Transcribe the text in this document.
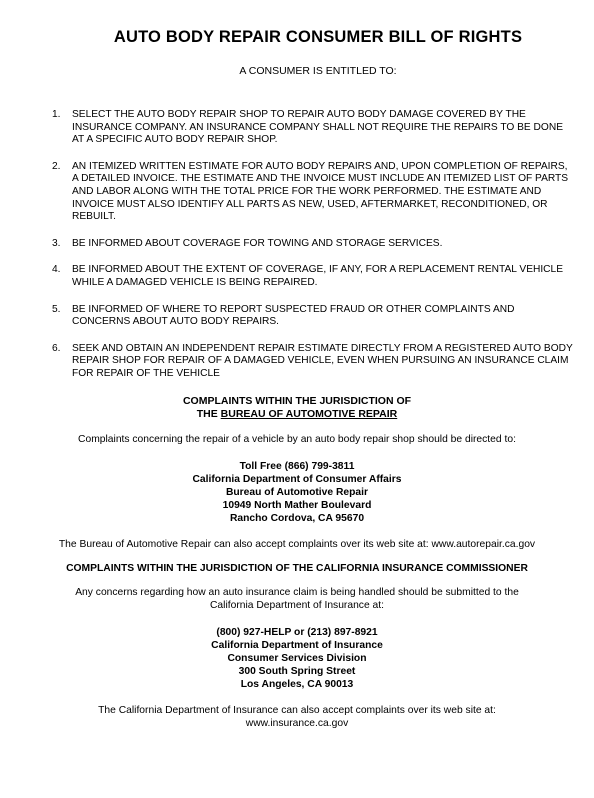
AUTO BODY REPAIR CONSUMER BILL OF RIGHTS
A CONSUMER IS ENTITLED TO:
1. SELECT THE AUTO BODY REPAIR SHOP TO REPAIR AUTO BODY DAMAGE COVERED BY THE INSURANCE COMPANY. AN INSURANCE COMPANY SHALL NOT REQUIRE THE REPAIRS TO BE DONE AT A SPECIFIC AUTO BODY REPAIR SHOP.
2. AN ITEMIZED WRITTEN ESTIMATE FOR AUTO BODY REPAIRS AND, UPON COMPLETION OF REPAIRS, A DETAILED INVOICE. THE ESTIMATE AND THE INVOICE MUST INCLUDE AN ITEMIZED LIST OF PARTS AND LABOR ALONG WITH THE TOTAL PRICE FOR THE WORK PERFORMED. THE ESTIMATE AND INVOICE MUST ALSO IDENTIFY ALL PARTS AS NEW, USED, AFTERMARKET, RECONDITIONED, OR REBUILT.
3. BE INFORMED ABOUT COVERAGE FOR TOWING AND STORAGE SERVICES.
4. BE INFORMED ABOUT THE EXTENT OF COVERAGE, IF ANY, FOR A REPLACEMENT RENTAL VEHICLE WHILE A DAMAGED VEHICLE IS BEING REPAIRED.
5. BE INFORMED OF WHERE TO REPORT SUSPECTED FRAUD OR OTHER COMPLAINTS AND CONCERNS ABOUT AUTO BODY REPAIRS.
6. SEEK AND OBTAIN AN INDEPENDENT REPAIR ESTIMATE DIRECTLY FROM A REGISTERED AUTO BODY REPAIR SHOP FOR REPAIR OF A DAMAGED VEHICLE, EVEN WHEN PURSUING AN INSURANCE CLAIM FOR REPAIR OF THE VEHICLE
COMPLAINTS WITHIN THE JURISDICTION OF
THE BUREAU OF AUTOMOTIVE REPAIR
Complaints concerning the repair of a vehicle by an auto body repair shop should be directed to:
Toll Free (866) 799-3811
California Department of Consumer Affairs
Bureau of Automotive Repair
10949 North Mather Boulevard
Rancho Cordova, CA 95670
The Bureau of Automotive Repair can also accept complaints over its web site at: www.autorepair.ca.gov
COMPLAINTS WITHIN THE JURISDICTION OF THE CALIFORNIA INSURANCE COMMISSIONER
Any concerns regarding how an auto insurance claim is being handled should be submitted to the
California Department of Insurance at:
(800) 927-HELP or (213) 897-8921
California Department of Insurance
Consumer Services Division
300 South Spring Street
Los Angeles, CA 90013
The California Department of Insurance can also accept complaints over its web site at:
www.insurance.ca.gov
